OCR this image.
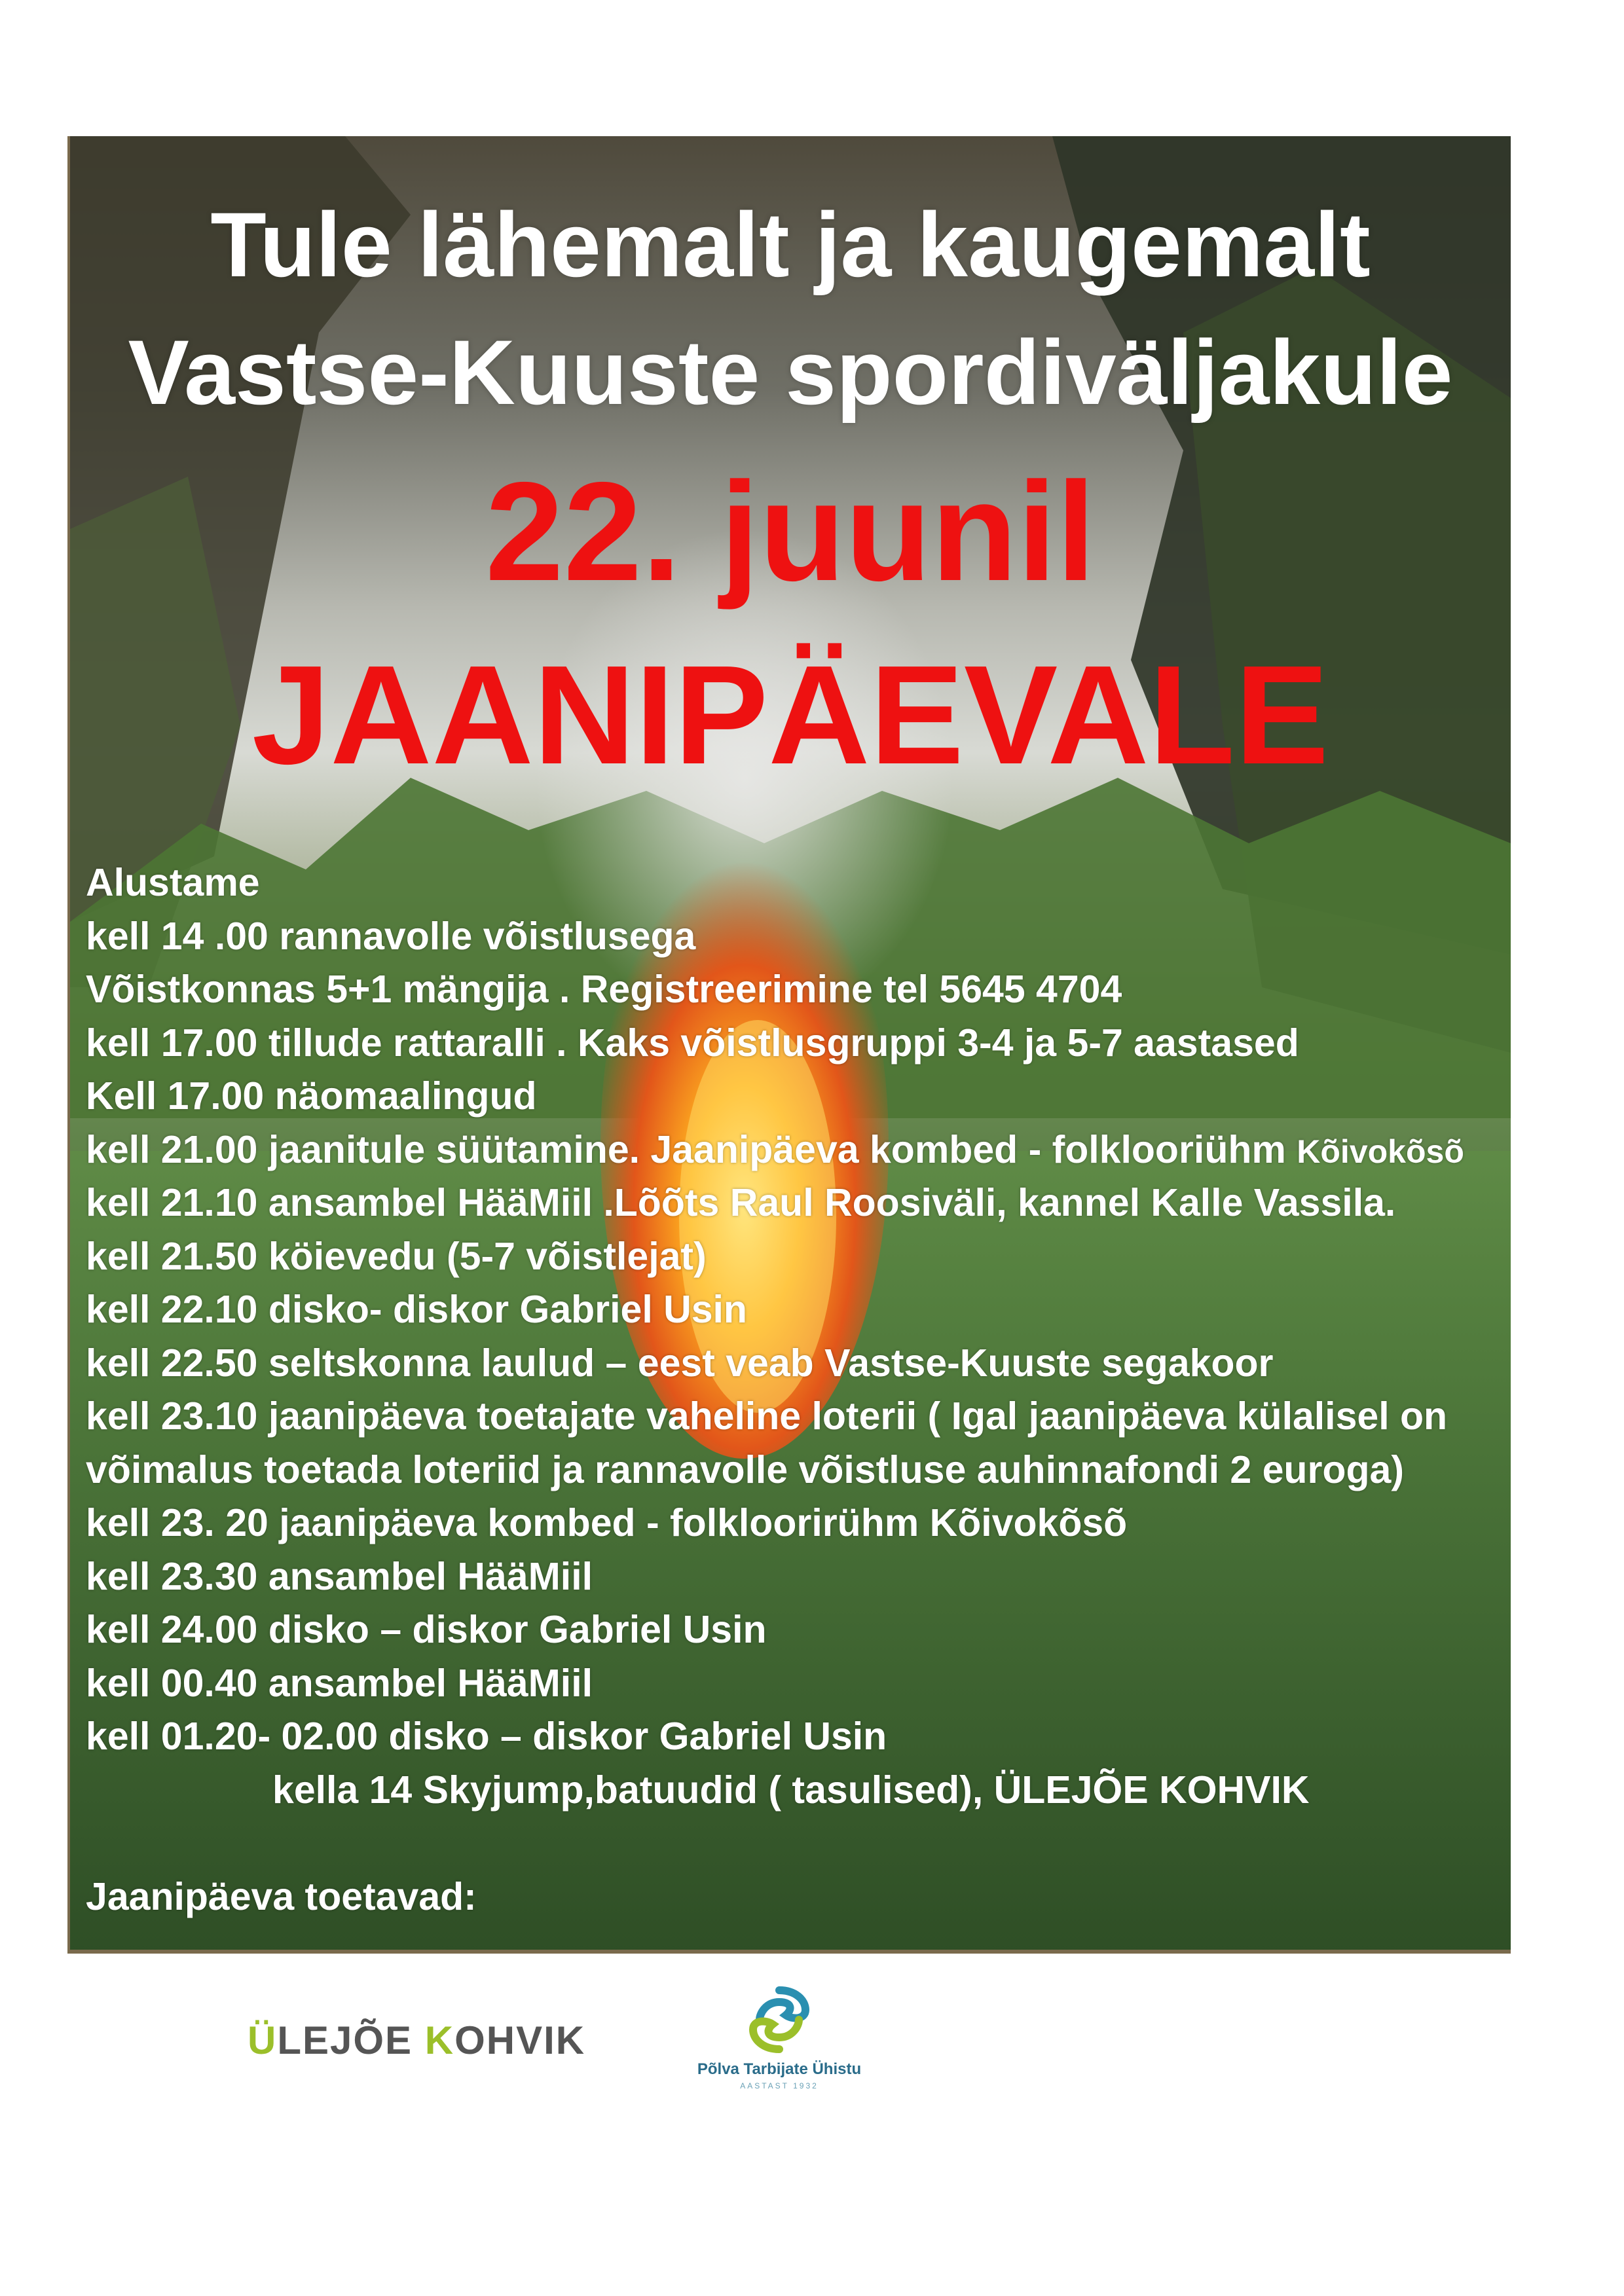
Tule lähemalt ja kaugemalt
Vastse-Kuuste spordiväljakule
22. juunil
JAANIPÄEVALE
Alustame
kell 14 .00 rannavolle võistlusega
Võistkonnas 5+1 mängija . Registreerimine tel 5645 4704
kell 17.00 tillude rattaralli . Kaks võistlusgruppi 3-4 ja 5-7 aastased
Kell 17.00 näomaalingud
kell 21.00 jaanitule süütamine. Jaanipäeva kombed - folklooriühm Kõivokõsõ
kell 21.10 ansambel HääMiil .Lõõts Raul Roosiväli, kannel Kalle Vassila.
kell 21.50 köievedu (5-7 võistlejat)
kell 22.10 disko- diskor Gabriel Usin
kell 22.50 seltskonna laulud – eest veab Vastse-Kuuste segakoor
kell 23.10 jaanipäeva toetajate vaheline loterii ( Igal jaanipäeva külalisel on
võimalus toetada loteriid ja rannavolle võistluse auhinnafondi 2 euroga)
kell 23. 20 jaanipäeva kombed - folkloorirühm Kõivokõsõ
kell 23.30 ansambel HääMiil
kell 24.00 disko – diskor Gabriel Usin
kell 00.40 ansambel HääMiil
kell 01.20- 02.00 disko – diskor Gabriel Usin
kella 14 Skyjump,batuudid ( tasulised), ÜLEJÕE KOHVIK
Jaanipäeva toetavad:
ÜLEJÕE KOHVIK
Põlva Tarbijate Ühistu
AASTAST 1932
